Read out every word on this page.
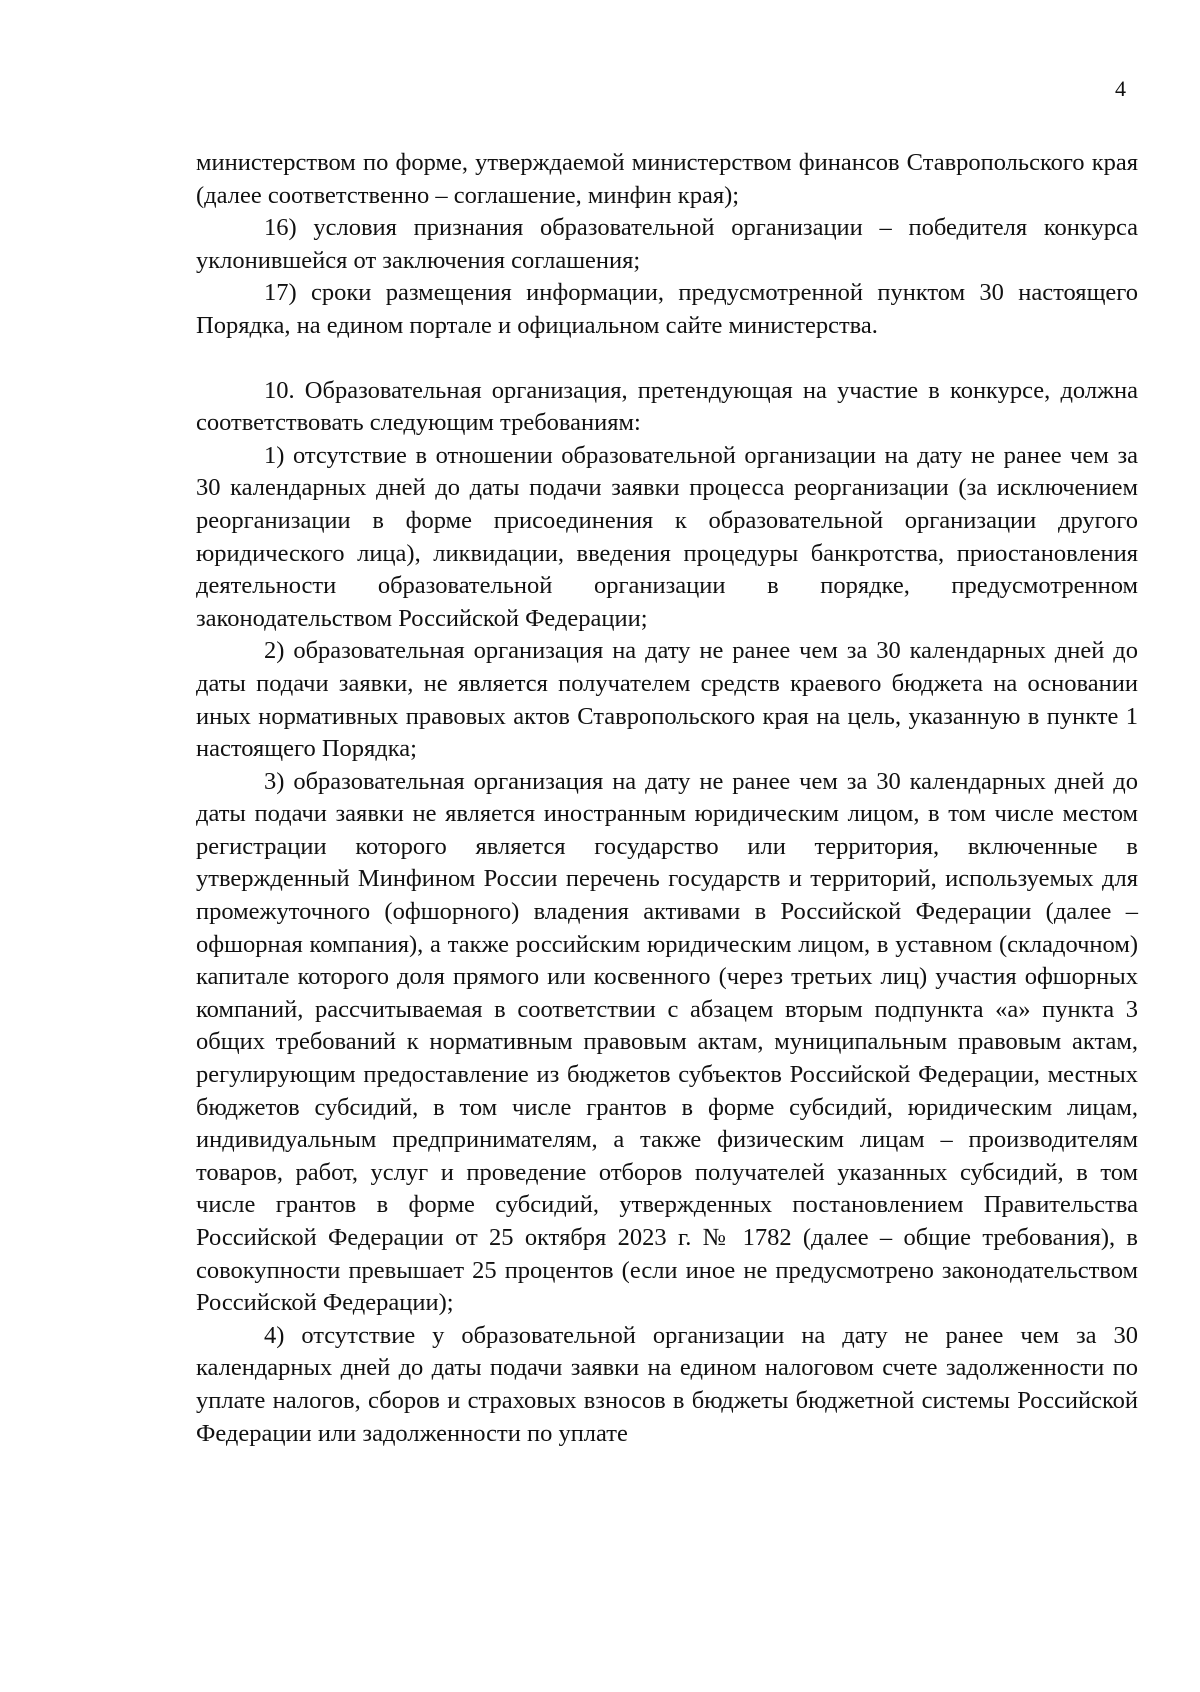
4

министерством по форме, утверждаемой министерством финансов Ставропольского края (далее соответственно – соглашение, минфин края);

16) условия признания образовательной организации – победителя конкурса уклонившейся от заключения соглашения;

17) сроки размещения информации, предусмотренной пунктом 30 настоящего Порядка, на едином портале и официальном сайте министерства.

10. Образовательная организация, претендующая на участие в конкурсе, должна соответствовать следующим требованиям:

1) отсутствие в отношении образовательной организации на дату не ранее чем за 30 календарных дней до даты подачи заявки процесса реорганизации (за исключением реорганизации в форме присоединения к образовательной организации другого юридического лица), ликвидации, введения процедуры банкротства, приостановления деятельности образовательной организации в порядке, предусмотренном законодательством Российской Федерации;

2) образовательная организация на дату не ранее чем за 30 календарных дней до даты подачи заявки, не является получателем средств краевого бюджета на основании иных нормативных правовых актов Ставропольского края на цель, указанную в пункте 1 настоящего Порядка;

3) образовательная организация на дату не ранее чем за 30 календарных дней до даты подачи заявки не является иностранным юридическим лицом, в том числе местом регистрации которого является государство или территория, включенные в утвержденный Минфином России перечень государств и территорий, используемых для промежуточного (офшорного) владения активами в Российской Федерации (далее – офшорная компания), а также российским юридическим лицом, в уставном (складочном) капитале которого доля прямого или косвенного (через третьих лиц) участия офшорных компаний, рассчитываемая в соответствии с абзацем вторым подпункта «а» пункта 3 общих требований к нормативным правовым актам, муниципальным правовым актам, регулирующим предоставление из бюджетов субъектов Российской Федерации, местных бюджетов субсидий, в том числе грантов в форме субсидий, юридическим лицам, индивидуальным предпринимателям, а также физическим лицам – производителям товаров, работ, услуг и проведение отборов получателей указанных субсидий, в том числе грантов в форме субсидий, утвержденных постановлением Правительства Российской Федерации от 25 октября 2023 г. № 1782 (далее – общие требования), в совокупности превышает 25 процентов (если иное не предусмотрено законодательством Российской Федерации);

4) отсутствие у образовательной организации на дату не ранее чем за 30 календарных дней до даты подачи заявки на едином налоговом счете задолженности по уплате налогов, сборов и страховых взносов в бюджеты бюджетной системы Российской Федерации или задолженности по уплате
